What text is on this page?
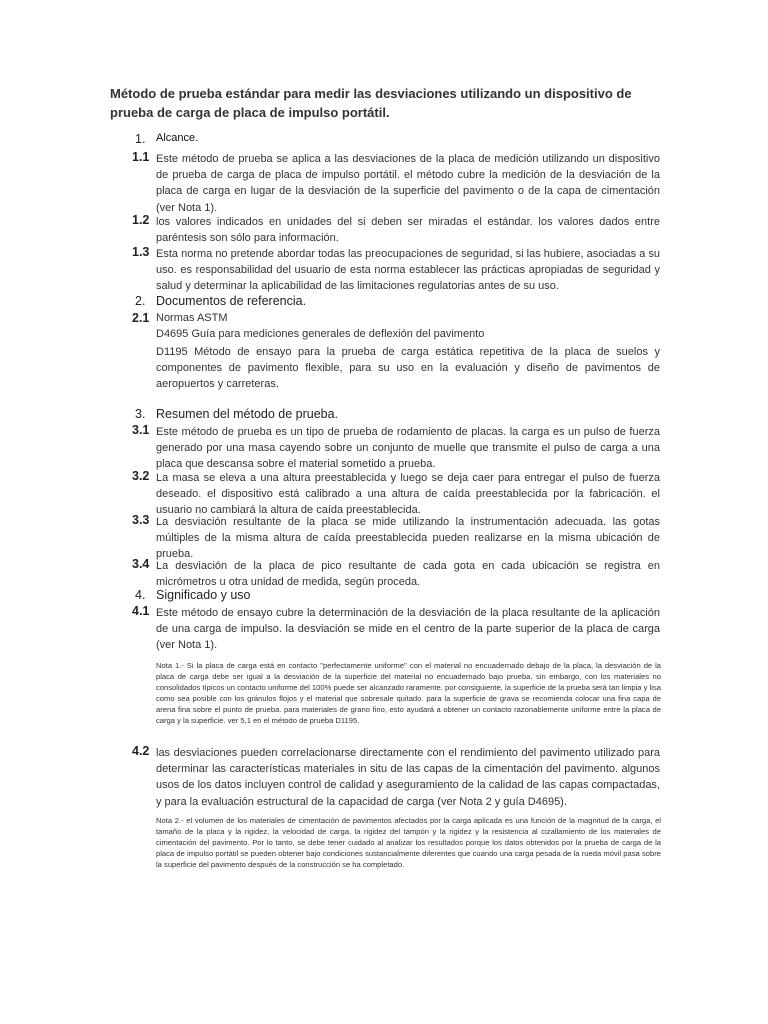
Método de prueba estándar para medir las desviaciones utilizando un dispositivo de prueba de carga de placa de impulso portátil.
1. Alcance.
1.1 Este método de prueba se aplica a las desviaciones de la placa de medición utilizando un dispositivo de prueba de carga de placa de impulso portátil. el método cubre la medición de la desviación de la placa de carga en lugar de la desviación de la superficie del pavimento o de la capa de cimentación (ver Nota 1).

1.2 los valores indicados en unidades del si deben ser miradas el estándar. los valores dados entre paréntesis son sólo para información.

1.3 Esta norma no pretende abordar todas las preocupaciones de seguridad, si las hubiere, asociadas a su uso. es responsabilidad del usuario de esta norma establecer las prácticas apropiadas de seguridad y salud y determinar la aplicabilidad de las limitaciones regulatorias antes de su uso.

2. Documentos de referencia.
2.1 Normas ASTM
D4695 Guía para mediciones generales de deflexión del pavimento

D1195 Método de ensayo para la prueba de carga estática repetitiva de la placa de suelos y componentes de pavimento flexible, para su uso en la evaluación y diseño de pavimentos de aeropuertos y carreteras.

3. Resumen del método de prueba.
3.1 Este método de prueba es un tipo de prueba de rodamiento de placas. la carga es un pulso de fuerza generado por una masa cayendo sobre un conjunto de muelle que transmite el pulso de carga a una placa que descansa sobre el material sometido a prueba.

3.2 La masa se eleva a una altura preestablecida y luego se deja caer para entregar el pulso de fuerza deseado. el dispositivo está calibrado a una altura de caída preestablecida por la fabricación. el usuario no cambiará la altura de caída preestablecida.

3.3 La desviación resultante de la placa se mide utilizando la instrumentación adecuada. las gotas múltiples de la misma altura de caída preestablecida pueden realizarse en la misma ubicación de prueba.

3.4 La desviación de la placa de pico resultante de cada gota en cada ubicación se registra en micrómetros u otra unidad de medida, según proceda.

4. Significado y uso
4.1 Este método de ensayo cubre la determinación de la desviación de la placa resultante de la aplicación de una carga de impulso. la desviación se mide en el centro de la parte superior de la placa de carga (ver Nota 1).

Nota 1.- Si la placa de carga está en contacto ''perfectamente uniforme'' con el material no encuadernado debajo de la placa, la desviación de la placa de carga debe ser igual a la desviación de la superficie del material no encuadernado bajo prueba. sin embargo, con los materiales no consolidados típicos un contacto uniforme del 100% puede ser alcanzado raramente. por consiguiente, la superficie de la prueba será tan limpia y lisa como sea posible con los gránulos flojos y el material que sobresale quitado. para la superficie de grava se recomienda colocar una fina capa de arena fina sobre el punto de prueba. para materiales de grano fino, esto ayudará a obtener un contacto razonablemente uniforme entre la placa de carga y la superficie. ver 5,1 en el método de prueba D1195.

4.2 las desviaciones pueden correlacionarse directamente con el rendimiento del pavimento utilizado para determinar las características materiales in situ de las capas de la cimentación del pavimento. algunos usos de los datos incluyen control de calidad y aseguramiento de la calidad de las capas compactadas, y para la evaluación estructural de la capacidad de carga (ver Nota 2 y guía D4695).

Nota 2.- el volumen de los materiales de cimentación de pavimentos afectados por la carga aplicada es una función de la magnitud de la carga, el tamaño de la placa y la rigidez, la velocidad de carga, la rigidez del tampón y la rigidez y la resistencia al cizallamiento de los materiales de cimentación del pavimento. Por lo tanto, se debe tener cuidado al analizar los resultados porque los datos obtenidos por la prueba de carga de la placa de impulso portátil se pueden obtener bajo condiciones sustancialmente diferentes que cuando una carga pesada de la rueda móvil pasa sobre la superficie del pavimento después de la construcción se ha completado.
